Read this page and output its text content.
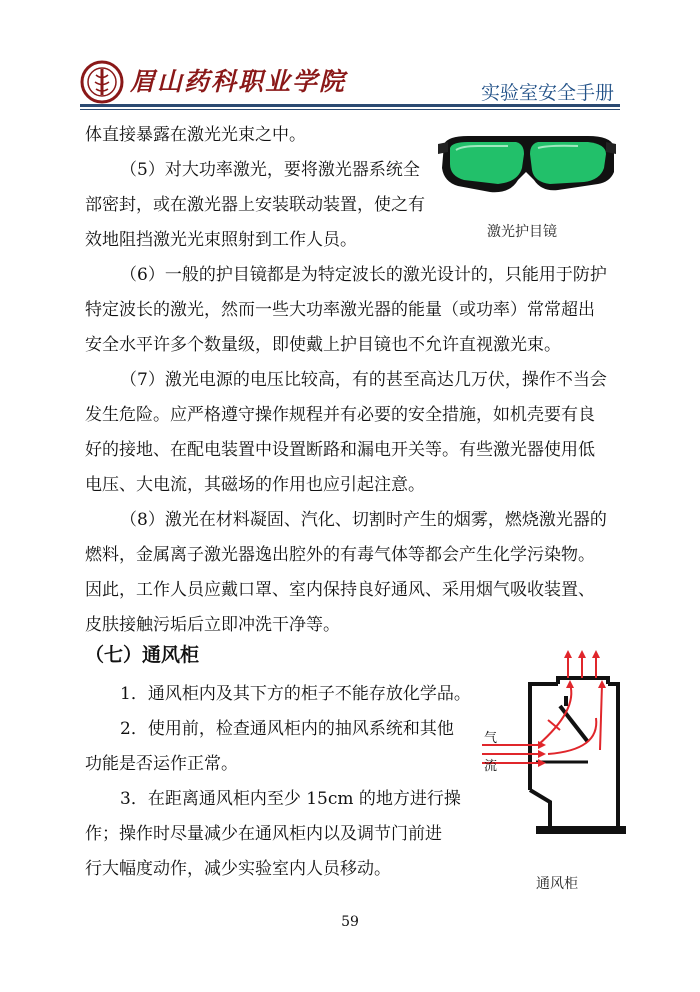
眉山药科职业学院	实验室安全手册

体直接暴露在激光光束之中。

（5）对大功率激光，要将激光器系统全
部密封，或在激光器上安装联动装置，使之有
效地阻挡激光光束照射到工作人员。	激光护目镜

（6）一般的护目镜都是为特定波长的激光设计的，只能用于防护
特定波长的激光，然而一些大功率激光器的能量（或功率）常常超出
安全水平许多个数量级，即使戴上护目镜也不允许直视激光束。

（7）激光电源的电压比较高，有的甚至高达几万伏，操作不当会
发生危险。应严格遵守操作规程并有必要的安全措施，如机壳要有良
好的接地、在配电装置中设置断路和漏电开关等。有些激光器使用低
电压、大电流，其磁场的作用也应引起注意。

（8）激光在材料凝固、汽化、切割时产生的烟雾，燃烧激光器的
燃料，金属离子激光器逸出腔外的有毒气体等都会产生化学污染物。
因此，工作人员应戴口罩、室内保持良好通风、采用烟气吸收装置、
皮肤接触污垢后立即冲洗干净等。

（七）通风柜

1．通风柜内及其下方的柜子不能存放化学品。

2．使用前，检查通风柜内的抽风系统和其他
功能是否运作正常。

3．在距离通风柜内至少 15cm 的地方进行操
作；操作时尽量减少在通风柜内以及调节门前进
行大幅度动作，减少实验室内人员移动。

气
流
通风柜
59
